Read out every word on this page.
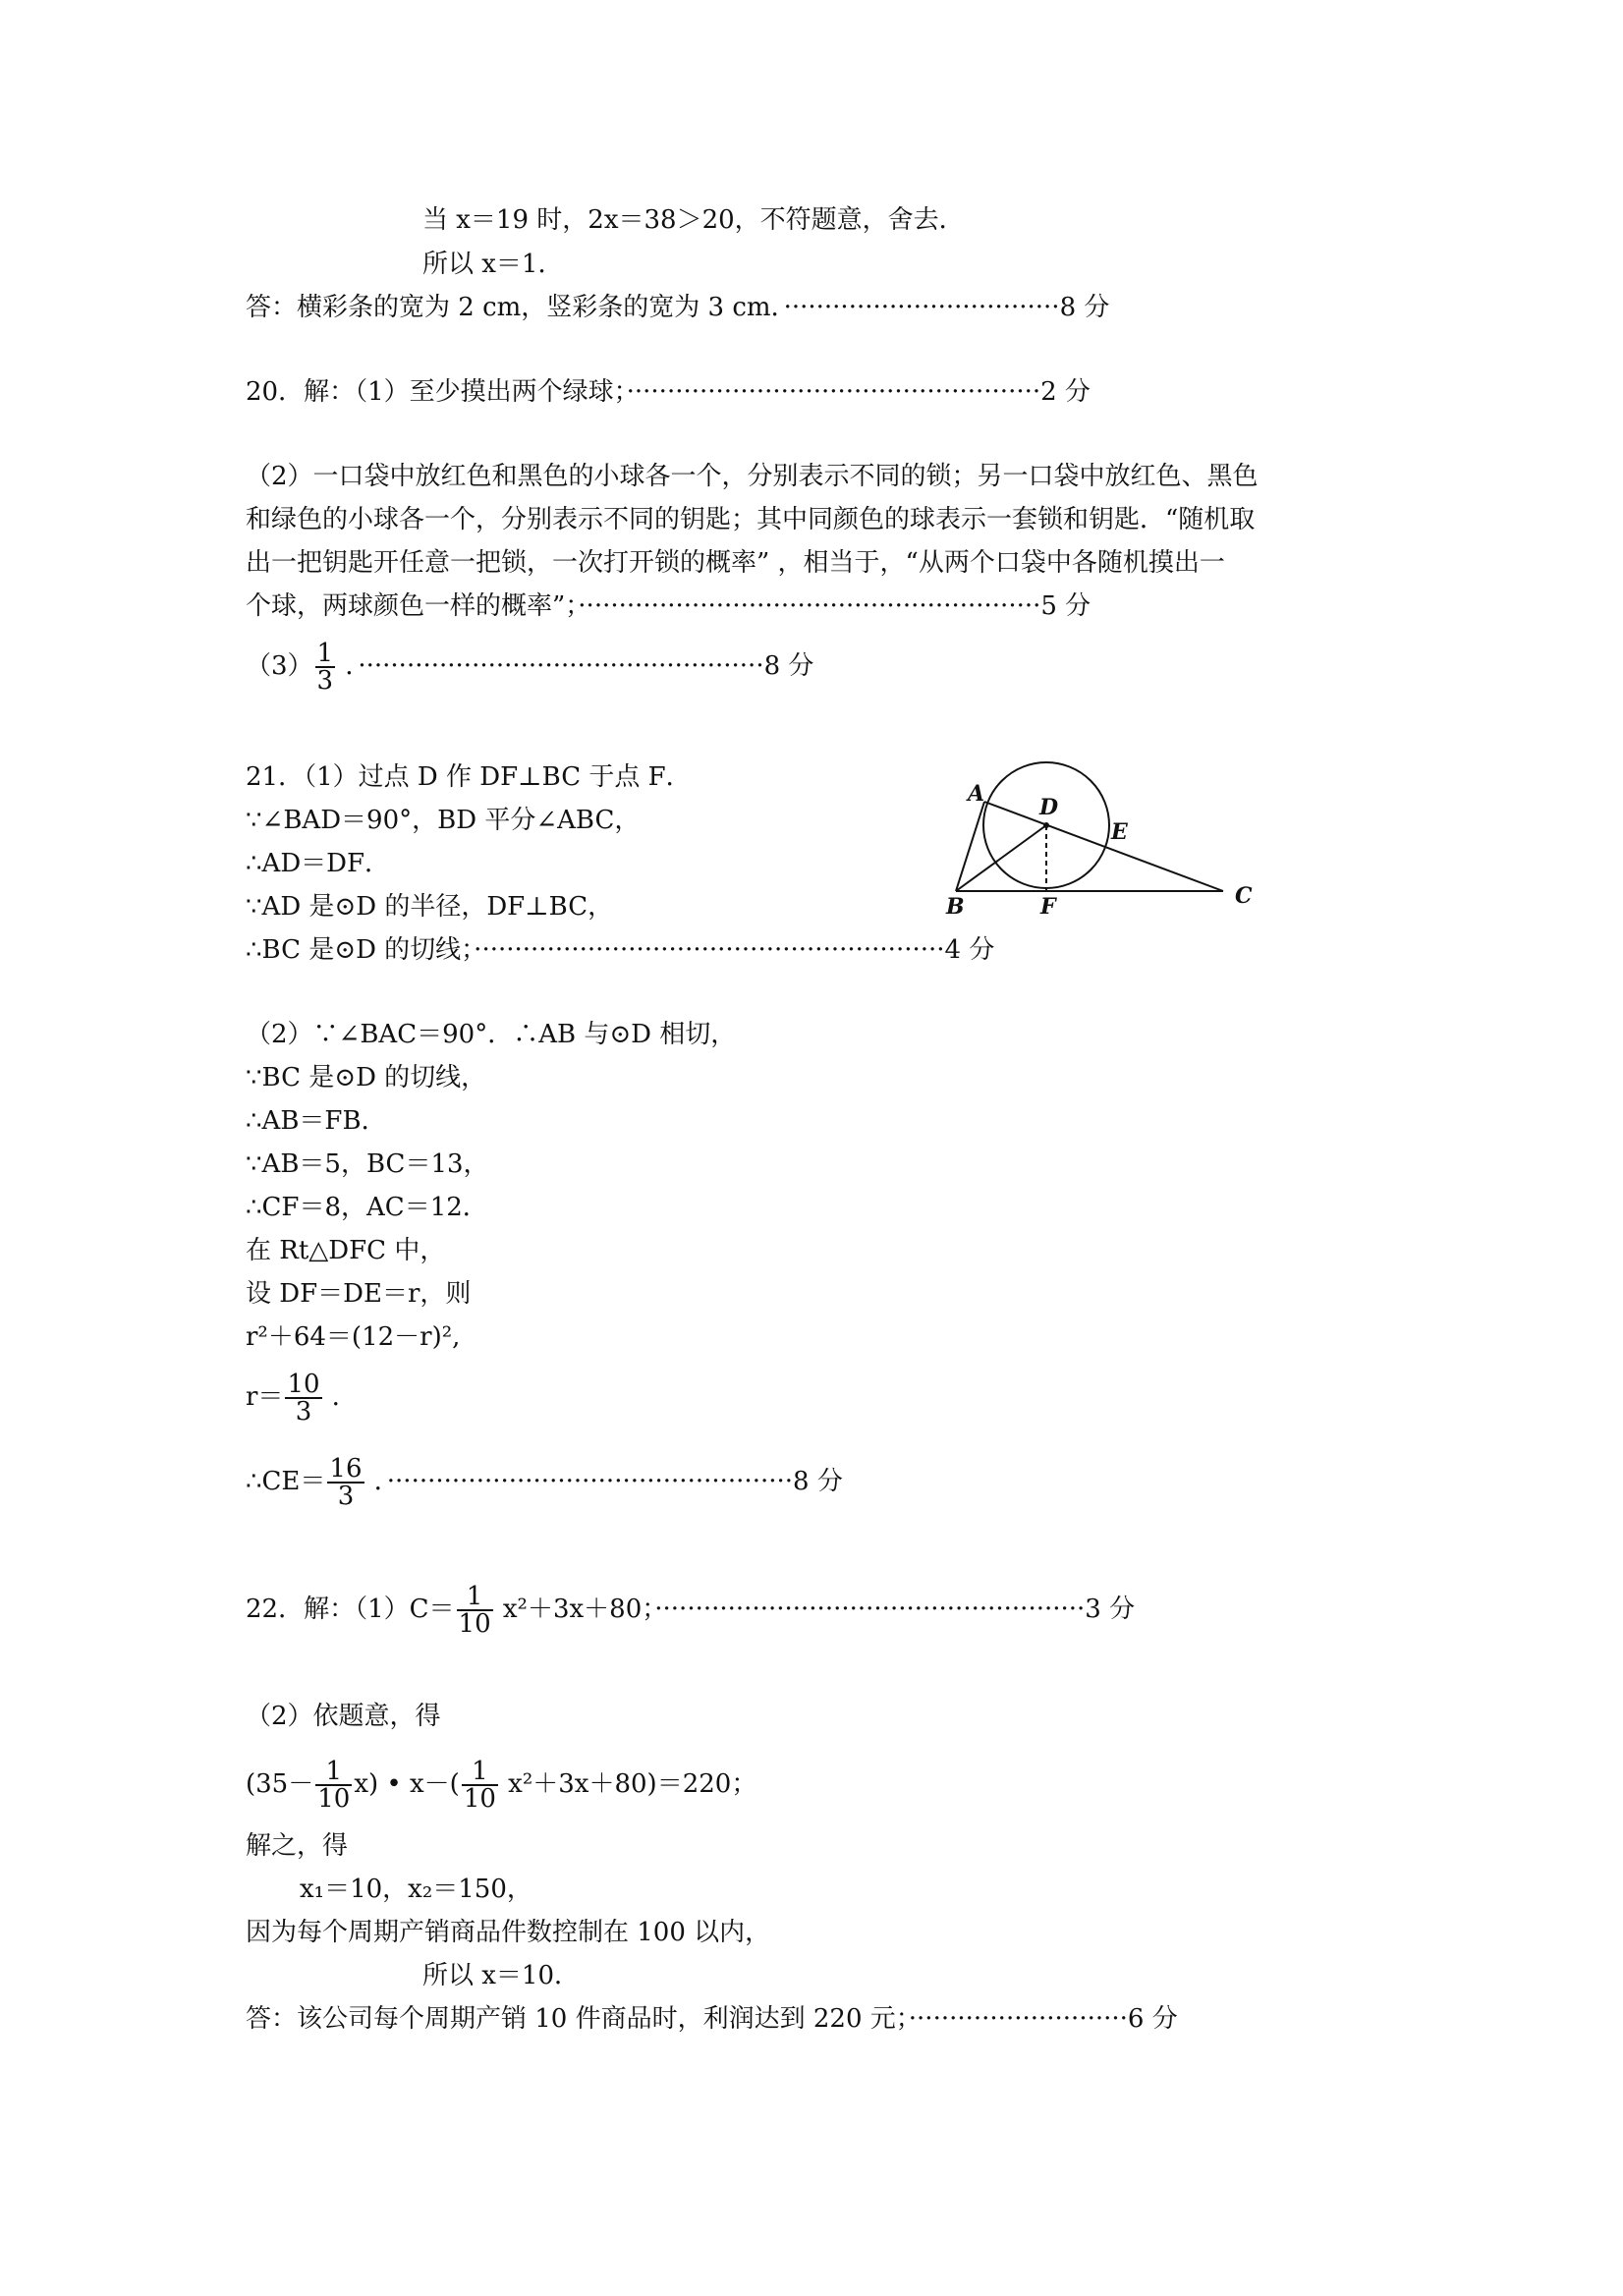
当 x＝19 时，2x＝38＞20，不符题意，舍去．
所以 x＝1．
答：横彩条的宽为 2 cm，竖彩条的宽为 3 cm．··································8 分
20．解：（1）至少摸出两个绿球；···················································2 分
（2）一口袋中放红色和黑色的小球各一个，分别表示不同的锁；另一口袋中放红色、黑色
和绿色的小球各一个，分别表示不同的钥匙；其中同颜色的球表示一套锁和钥匙．“随机取
出一把钥匙开任意一把锁，一次打开锁的概率” ，相当于，“从两个口袋中各随机摸出一
个球，两球颜色一样的概率”；·························································5 分
$(3) \frac{1}{3}$ ．··················································8 分
21．（1）过点 D 作 DF⊥BC 于点 F．
∵∠BAD＝90°，BD 平分∠ABC，
∴AD＝DF．
∵AD 是⊙D 的半径，DF⊥BC，
∴BC 是⊙D 的切线；··························································4 分
A
D
E
B	F	C
（2）∵∠BAC＝90°．∴AB 与⊙D 相切，
∵BC 是⊙D 的切线，
∴AB＝FB．
∵AB＝5，BC＝13，
∴CF＝8，AC＝12．
在 Rt△DFC 中，
设 DF＝DE＝r，则
r²＋64＝(12－r)²,
$r= \frac{10}{3}$ ．
∴CE＝ $\frac{16}{3}$ ．··················································8 分
22．解：$(1)C= \frac{1}{10} x^2+3x+80$；·····················································3 分
（2）依题意，得
$(35- \frac{1}{10} x)$ • $x-( \frac{1}{10} x^2+3x+80)=220$；
解之，得
x₁＝10，x₂＝150，
因为每个周期产销商品件数控制在 100 以内，
所以 x＝10．
答：该公司每个周期产销 10 件商品时，利润达到 220 元；···························6 分
